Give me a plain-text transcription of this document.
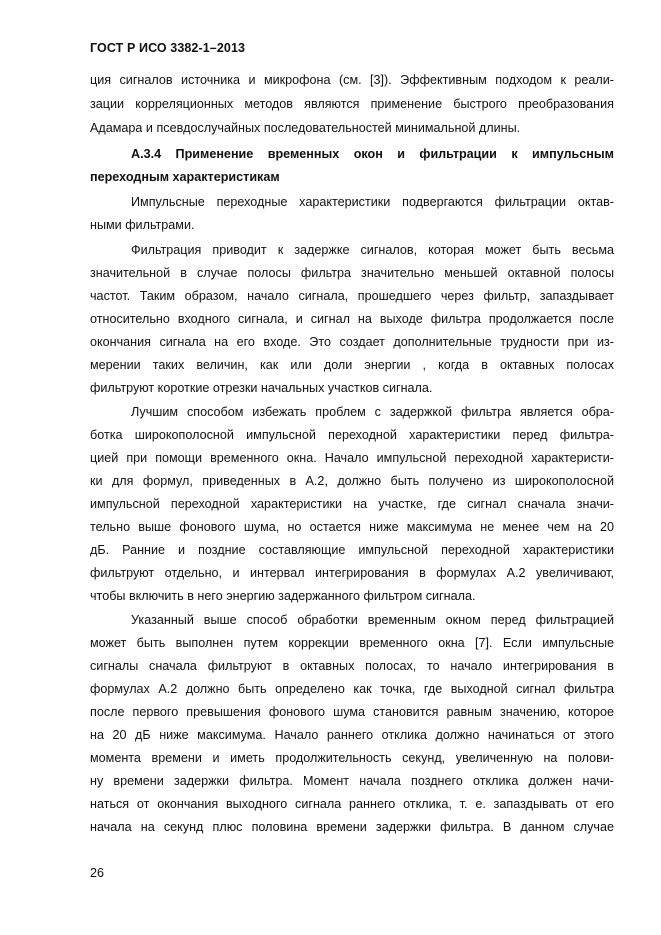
ГОСТ Р ИСО 3382-1–2013
ция сигналов источника и микрофона (см. [3]). Эффективным подходом к реали-
зации корреляционных методов являются применение быстрого преобразования
Адамара и псевдослучайных последовательностей минимальной длины.
А.3.4 Применение временных окон и фильтрации к импульсным
переходным характеристикам
Импульсные переходные характеристики подвергаются фильтрации октав-
ными фильтрами.
Фильтрация приводит к задержке сигналов, которая может быть весьма
значительной в случае полосы фильтра значительно меньшей октавной полосы
частот. Таким образом, начало сигнала, прошедшего через фильтр, запаздывает
относительно входного сигнала, и сигнал на выходе фильтра продолжается после
окончания сигнала на его входе. Это создает дополнительные трудности при из-
мерении таких величин, как или доли энергии , когда в октавных полосах
фильтруют короткие отрезки начальных участков сигнала.
Лучшим способом избежать проблем с задержкой фильтра является обра-
ботка широкополосной импульсной переходной характеристики перед фильтра-
цией при помощи временного окна. Начало импульсной переходной характеристи-
ки для формул, приведенных в А.2, должно быть получено из широкополосной
импульсной переходной характеристики на участке, где сигнал сначала значи-
тельно выше фонового шума, но остается ниже максимума не менее чем на 20
дБ. Ранние и поздние составляющие импульсной переходной характеристики
фильтруют отдельно, и интервал интегрирования в формулах А.2 увеличивают,
чтобы включить в него энергию задержанного фильтром сигнала.
Указанный выше способ обработки временным окном перед фильтрацией
может быть выполнен путем коррекции временного окна [7]. Если импульсные
сигналы сначала фильтруют в октавных полосах, то начало интегрирования в
формулах А.2 должно быть определено как точка, где выходной сигнал фильтра
после первого превышения фонового шума становится равным значению, которое
на 20 дБ ниже максимума. Начало раннего отклика должно начинаться от этого
момента времени и иметь продолжительность секунд, увеличенную на полови-
ну времени задержки фильтра. Момент начала позднего отклика должен начи-
наться от окончания выходного сигнала раннего отклика, т. е. запаздывать от его
начала на секунд плюс половина времени задержки фильтра. В данном случае
26
